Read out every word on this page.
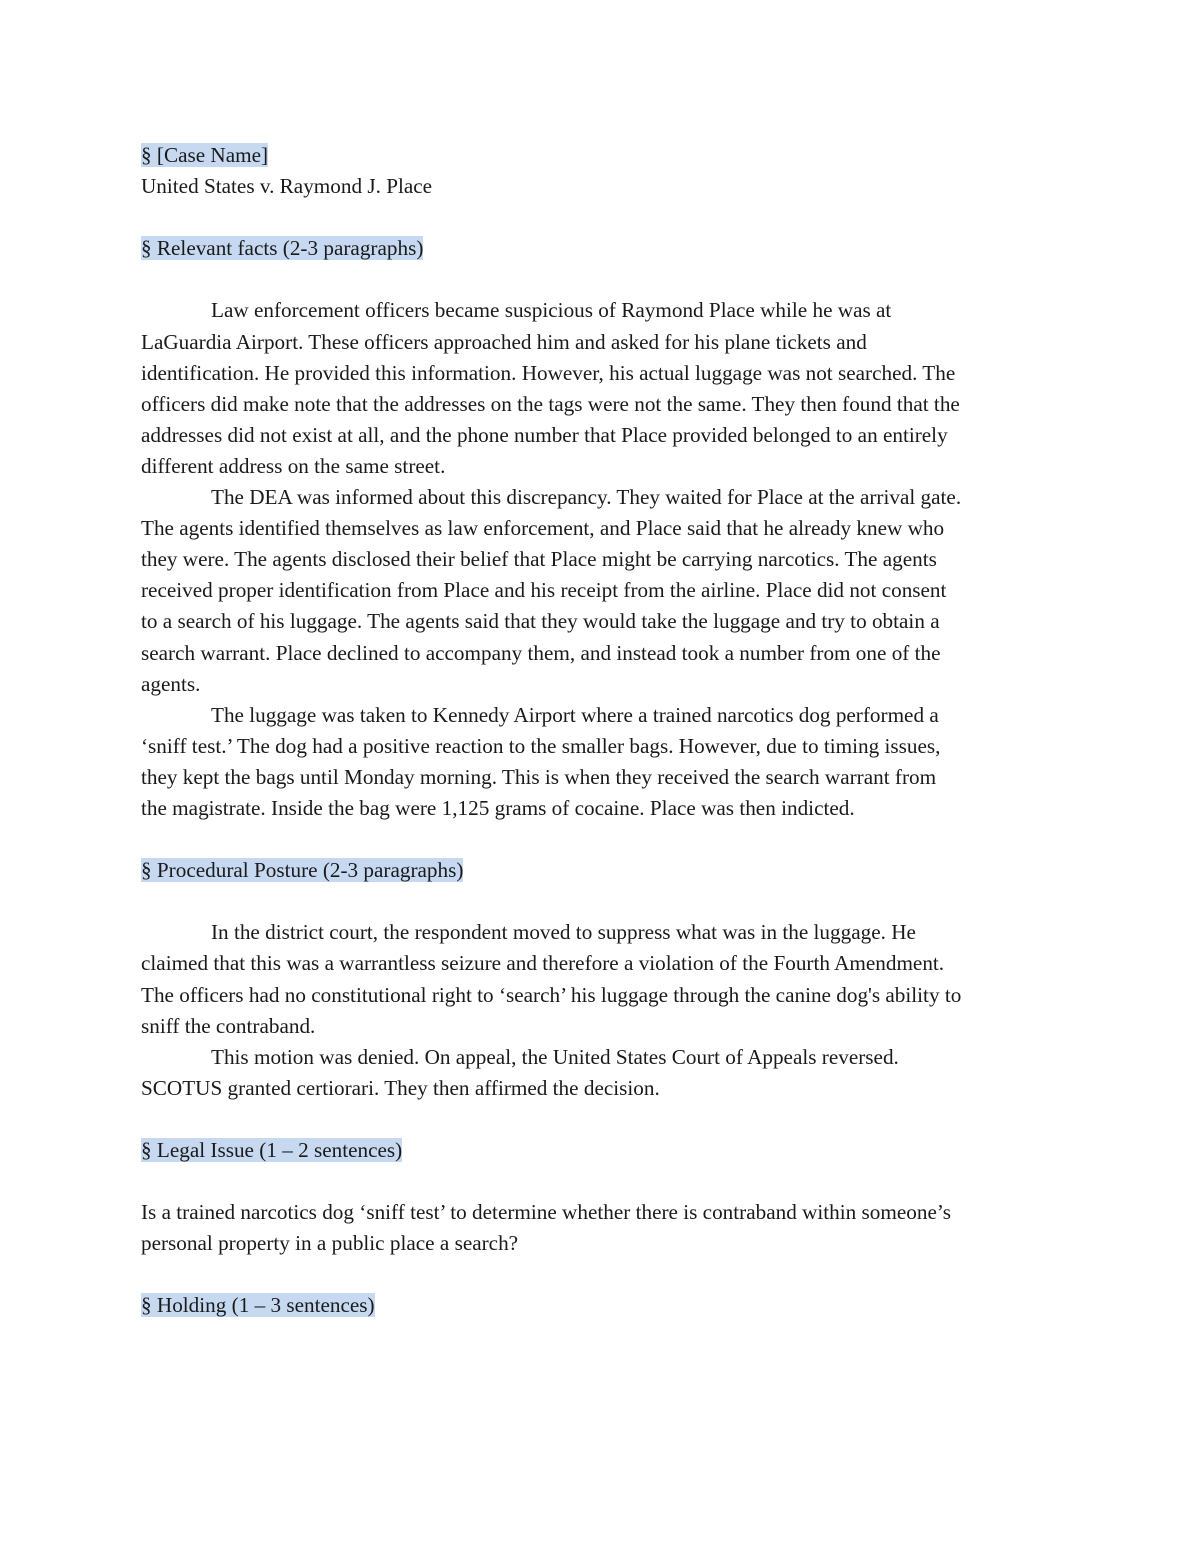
§ [Case Name]

United States v. Raymond J. Place

§ Relevant facts (2-3 paragraphs)

Law enforcement officers became suspicious of Raymond Place while he was at

LaGuardia Airport. These officers approached him and asked for his plane tickets and

identification. He provided this information. However, his actual luggage was not searched. The

officers did make note that the addresses on the tags were not the same. They then found that the

addresses did not exist at all, and the phone number that Place provided belonged to an entirely

different address on the same street.

The DEA was informed about this discrepancy. They waited for Place at the arrival gate.

The agents identified themselves as law enforcement, and Place said that he already knew who

they were. The agents disclosed their belief that Place might be carrying narcotics. The agents

received proper identification from Place and his receipt from the airline. Place did not consent

to a search of his luggage. The agents said that they would take the luggage and try to obtain a

search warrant. Place declined to accompany them, and instead took a number from one of the

agents.

The luggage was taken to Kennedy Airport where a trained narcotics dog performed a

‘sniff test.’ The dog had a positive reaction to the smaller bags. However, due to timing issues,

they kept the bags until Monday morning. This is when they received the search warrant from

the magistrate. Inside the bag were 1,125 grams of cocaine. Place was then indicted.

§ Procedural Posture (2-3 paragraphs)

In the district court, the respondent moved to suppress what was in the luggage. He

claimed that this was a warrantless seizure and therefore a violation of the Fourth Amendment.

The officers had no constitutional right to ‘search’ his luggage through the canine dog's ability to

sniff the contraband.

This motion was denied. On appeal, the United States Court of Appeals reversed.

SCOTUS granted certiorari. They then affirmed the decision.

§ Legal Issue (1 – 2 sentences)

Is a trained narcotics dog ‘sniff test’ to determine whether there is contraband within someone’s

personal property in a public place a search?

§ Holding (1 – 3 sentences)
